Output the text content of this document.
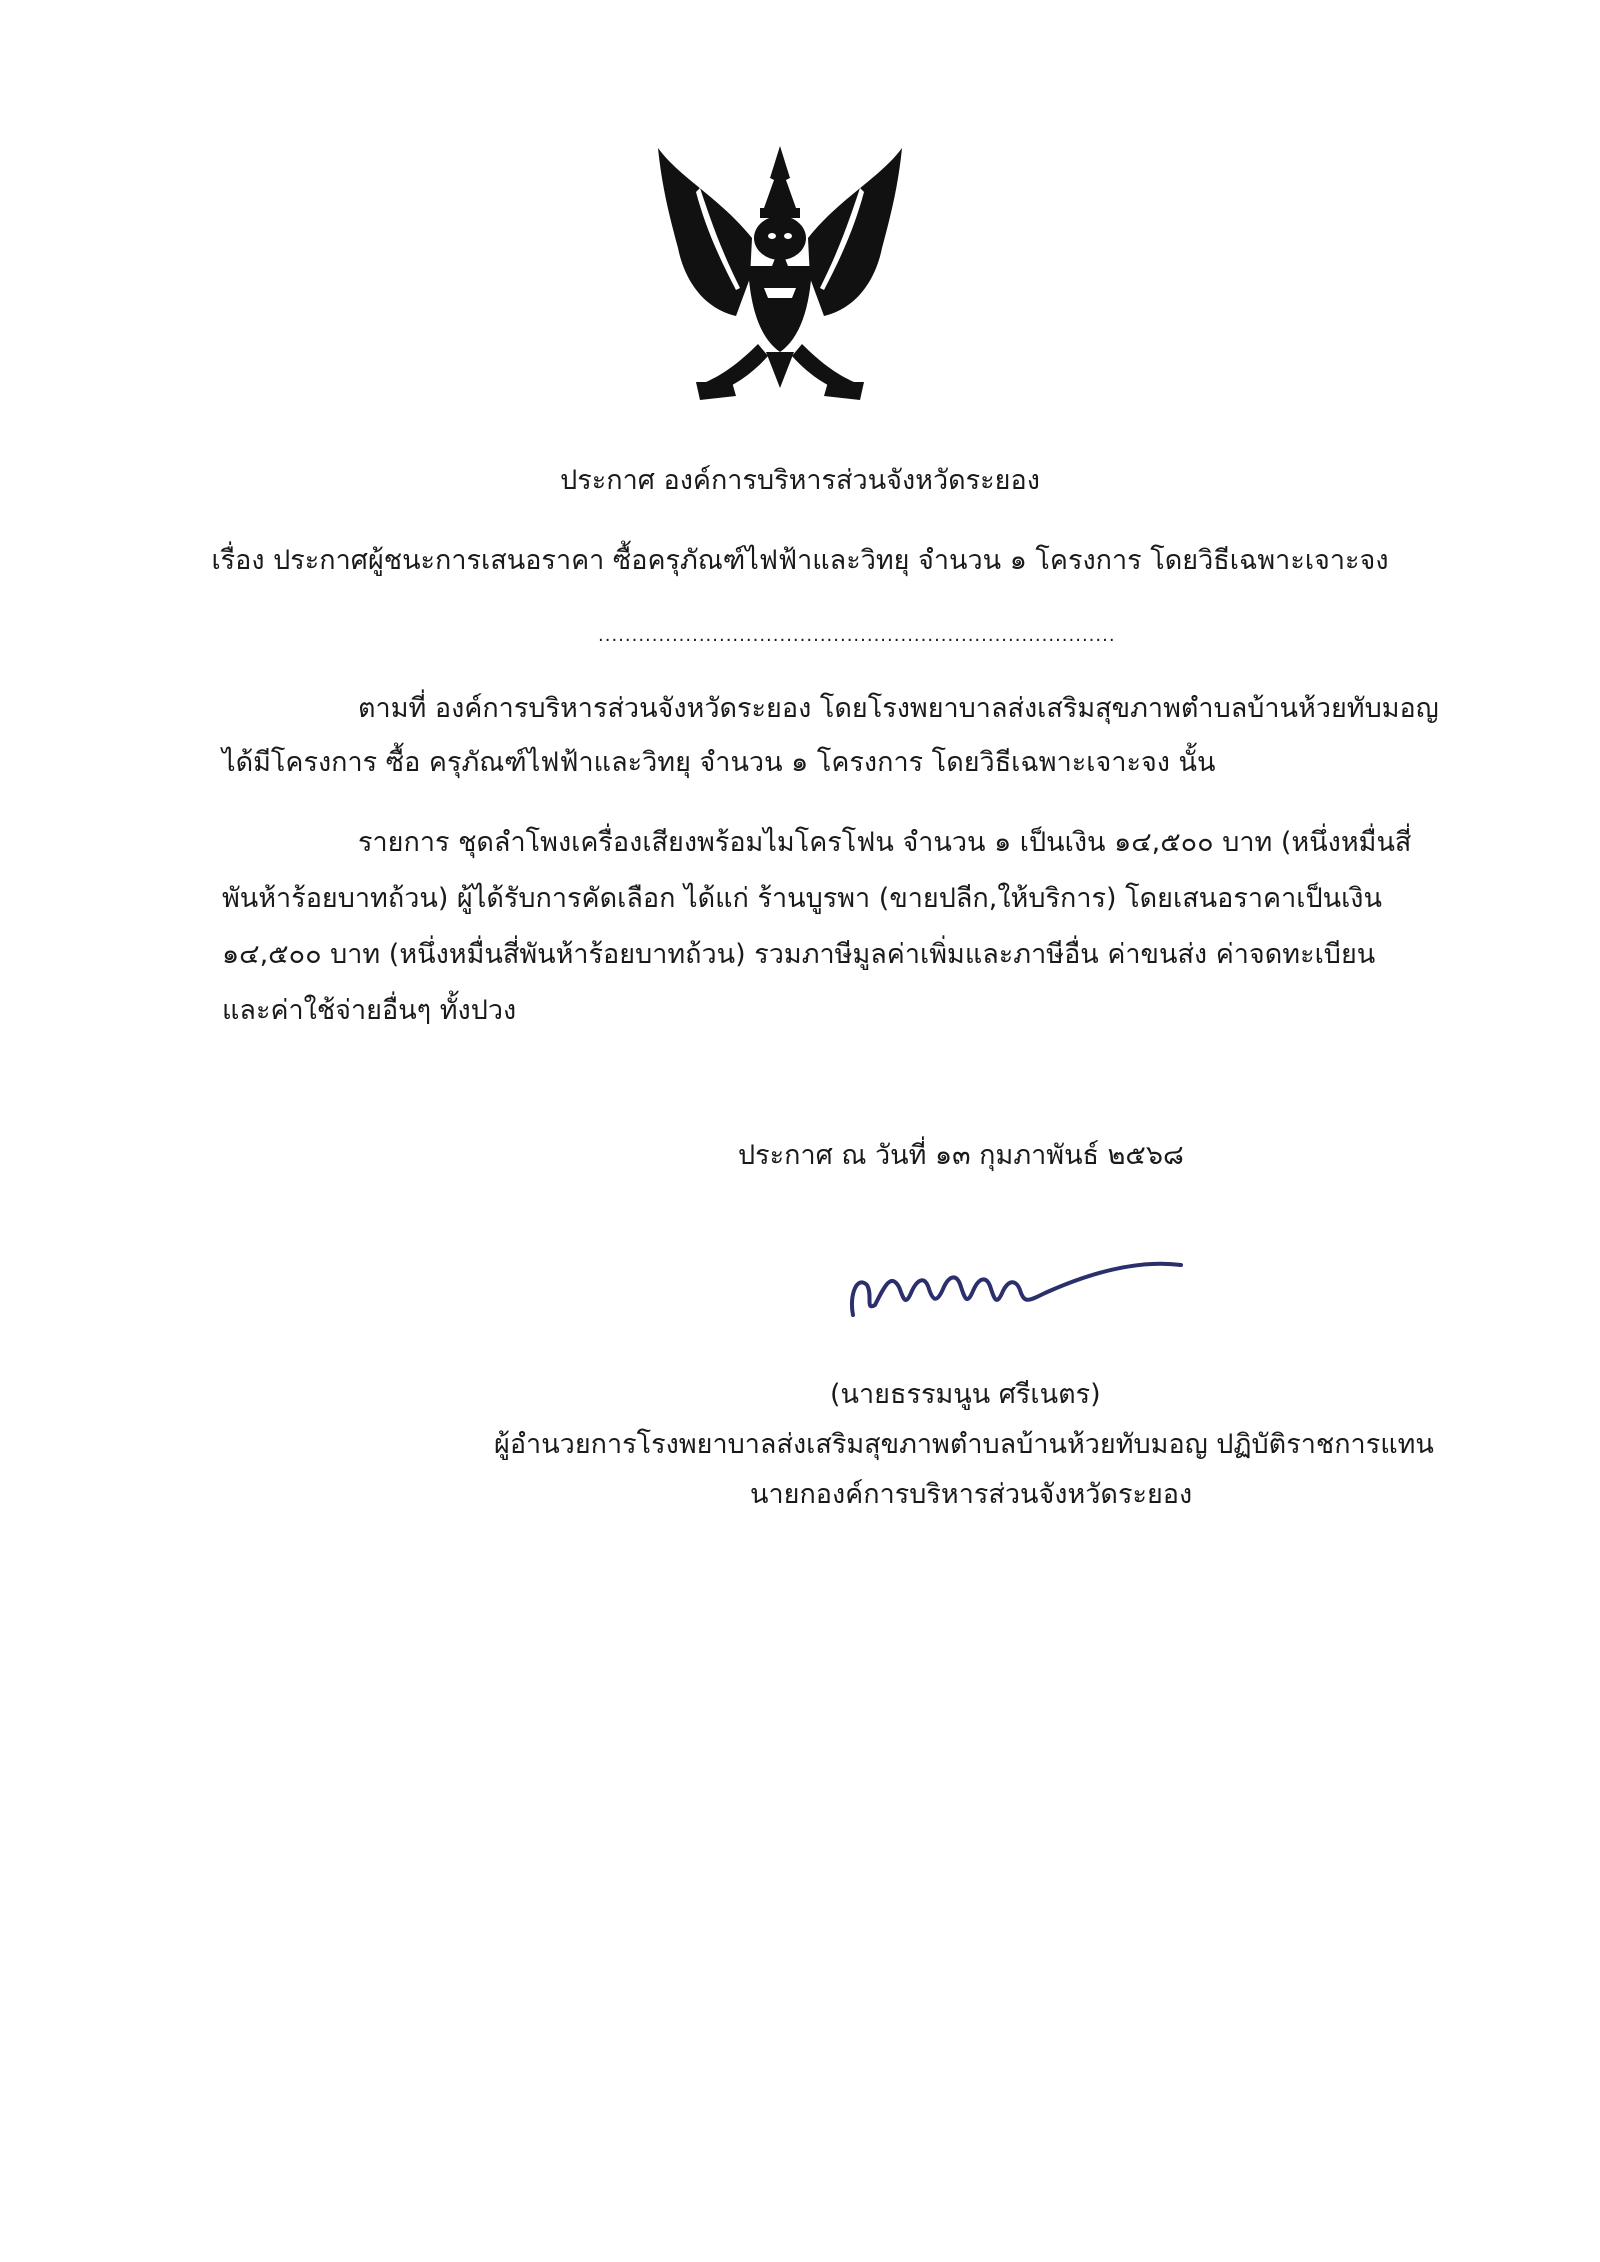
ประกาศ องค์การบริหารส่วนจังหวัดระยอง
เรื่อง ประกาศผู้ชนะการเสนอราคา ซื้อครุภัณฑ์ไฟฟ้าและวิทยุ จำนวน ๑ โครงการ โดยวิธีเฉพาะเจาะจง
.............................................................................
ตามที่ องค์การบริหารส่วนจังหวัดระยอง โดยโรงพยาบาลส่งเสริมสุขภาพตำบลบ้านห้วยทับมอญ
ได้มีโครงการ ซื้อ ครุภัณฑ์ไฟฟ้าและวิทยุ จำนวน ๑ โครงการ โดยวิธีเฉพาะเจาะจง นั้น
รายการ ชุดลำโพงเครื่องเสียงพร้อมไมโครโฟน จำนวน ๑ เป็นเงิน ๑๔,๕๐๐ บาท (หนึ่งหมื่นสี่
พันห้าร้อยบาทถ้วน) ผู้ได้รับการคัดเลือก ได้แก่ ร้านบูรพา (ขายปลีก,ให้บริการ) โดยเสนอราคาเป็นเงิน
๑๔,๕๐๐ บาท (หนึ่งหมื่นสี่พันห้าร้อยบาทถ้วน) รวมภาษีมูลค่าเพิ่มและภาษีอื่น ค่าขนส่ง ค่าจดทะเบียน
และค่าใช้จ่ายอื่นๆ ทั้งปวง
ประกาศ ณ วันที่ ๑๓ กุมภาพันธ์ ๒๕๖๘
(นายธรรมนูน ศรีเนตร)
ผู้อำนวยการโรงพยาบาลส่งเสริมสุขภาพตำบลบ้านห้วยทับมอญ ปฏิบัติราชการแทน
นายกองค์การบริหารส่วนจังหวัดระยอง
